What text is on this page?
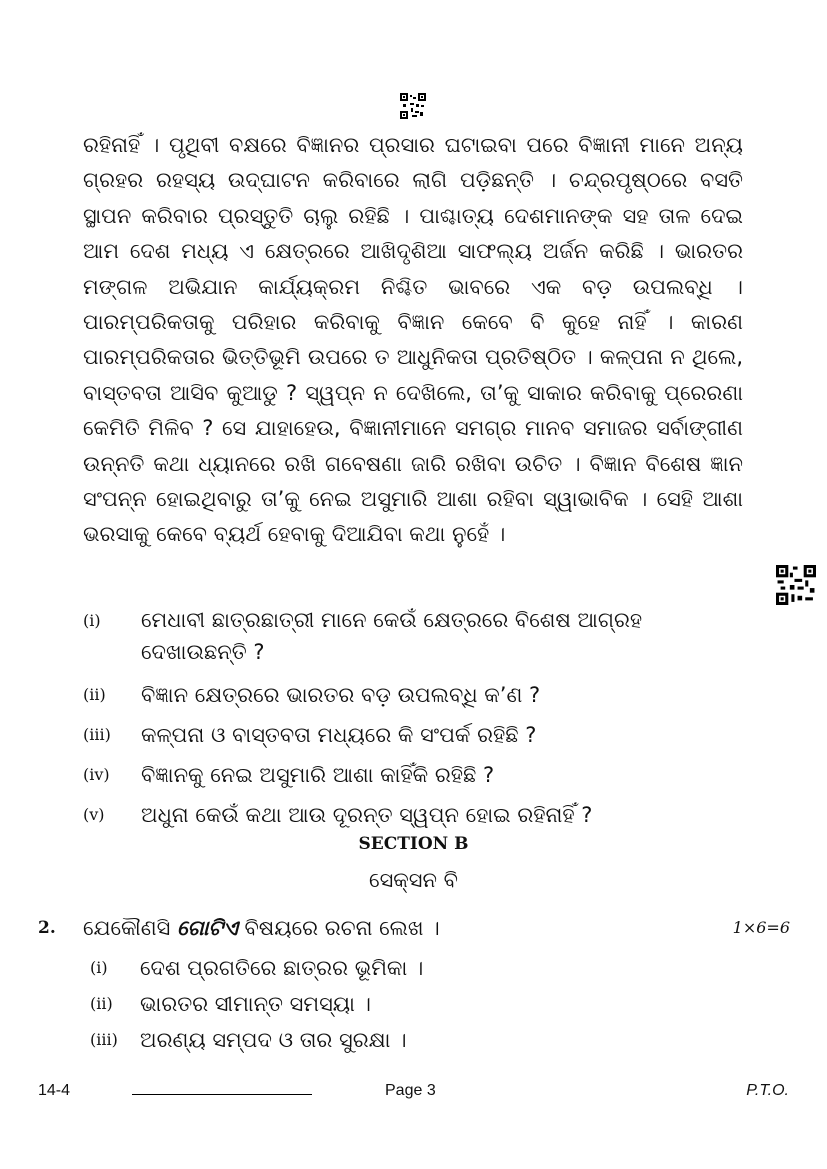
ରହିନାହିଁ । ପୃଥିବୀ ବକ୍ଷରେ ବିଜ୍ଞାନର ପ୍ରସାର ଘଟାଇବା ପରେ ବିଜ୍ଞାନୀ ମାନେ ଅନ୍ୟ ଗ୍ରହର ରହସ୍ୟ ଉଦ୍‌ଘାଟନ କରିବାରେ ଲାଗି ପଡ଼ିଛନ୍ତି । ଚନ୍ଦ୍ରପୃଷ୍ଠରେ ବସତି ସ୍ଥାପନ କରିବାର ପ୍ରସ୍ତୁତି ଚାଲୁ ରହିଛି । ପାଶ୍ଚାତ୍ୟ ଦେଶମାନଙ୍କ ସହ ତାଳ ଦେଇ ଆମ ଦେଶ ମଧ୍ୟ ଏ କ୍ଷେତ୍ରରେ ଆଖିଦୃଶିଆ ସାଫଲ୍ୟ ଅର୍ଜନ କରିଛି । ଭାରତର ମଙ୍ଗଳ ଅଭିଯାନ କାର୍ଯ୍ୟକ୍ରମ ନିଶ୍ଚିତ ଭାବରେ ଏକ ବଡ଼ ଉପଲବ୍ଧି । ପାରମ୍ପରିକତାକୁ ପରିହାର କରିବାକୁ ବିଜ୍ଞାନ କେବେ ବି କୁହେ ନାହିଁ । କାରଣ ପାରମ୍ପରିକତାର ଭିତ୍ତିଭୂମି ଉପରେ ତ ଆଧୁନିକତା ପ୍ରତିଷ୍ଠିତ । କଳ୍ପନା ନ ଥିଲେ, ବାସ୍ତବତା ଆସିବ କୁଆଡୁ ? ସ୍ୱପ୍ନ ନ ଦେଖିଲେ, ତା’କୁ ସାକାର କରିବାକୁ ପ୍ରେରଣା କେମିତି ମିଳିବ ? ସେ ଯାହାହେଉ, ବିଜ୍ଞାନୀମାନେ ସମଗ୍ର ମାନବ ସମାଜର ସର୍ବାଙ୍ଗୀଣ ଉନ୍ନତି କଥା ଧ୍ୟାନରେ ରଖି ଗବେଷଣା ଜାରି ରଖିବା ଉଚିତ । ବିଜ୍ଞାନ ବିଶେଷ ଜ୍ଞାନ ସଂପନ୍ନ ହୋଇଥିବାରୁ ତା’କୁ ନେଇ ଅସୁମାରି ଆଶା ରହିବା ସ୍ୱାଭାବିକ । ସେହି ଆଶା ଭରସାକୁ କେବେ ବ୍ୟର୍ଥ ହେବାକୁ ଦିଆଯିବା କଥା ନୁହେଁ ।

(i)	ମେଧାବୀ ଛାତ୍ରଛାତ୍ରୀ ମାନେ କେଉଁ କ୍ଷେତ୍ରରେ ବିଶେଷ ଆଗ୍ରହ ଦେଖାଉଛନ୍ତି ?
(ii)	ବିଜ୍ଞାନ କ୍ଷେତ୍ରରେ ଭାରତର ବଡ଼ ଉପଲବ୍ଧି କ’ଣ ?
(iii)	କଳ୍ପନା ଓ ବାସ୍ତବତା ମଧ୍ୟରେ କି ସଂପର୍କ ରହିଛି ?
(iv)	ବିଜ୍ଞାନକୁ ନେଇ ଅସୁମାରି ଆଶା କାହିଁକି ରହିଛି ?
(v)	ଅଧୁନା କେଉଁ କଥା ଆଉ ଦୂରନ୍ତ ସ୍ୱପ୍ନ ହୋଇ ରହିନାହିଁ ?
SECTION B
ସେକ୍ସନ ବି
2.	ଯେକୌଣସି ଗୋଟିଏ ବିଷୟରେ ରଚନା ଲେଖ ।	1×6=6
(i)	ଦେଶ ପ୍ରଗତିରେ ଛାତ୍ରର ଭୂମିକା ।
(ii)	ଭାରତର ସୀମାନ୍ତ ସମସ୍ୟା ।
(iii)	ଅରଣ୍ୟ ସମ୍ପଦ ଓ ତାର ସୁରକ୍ଷା ।
14-4	Page 3	P.T.O.
